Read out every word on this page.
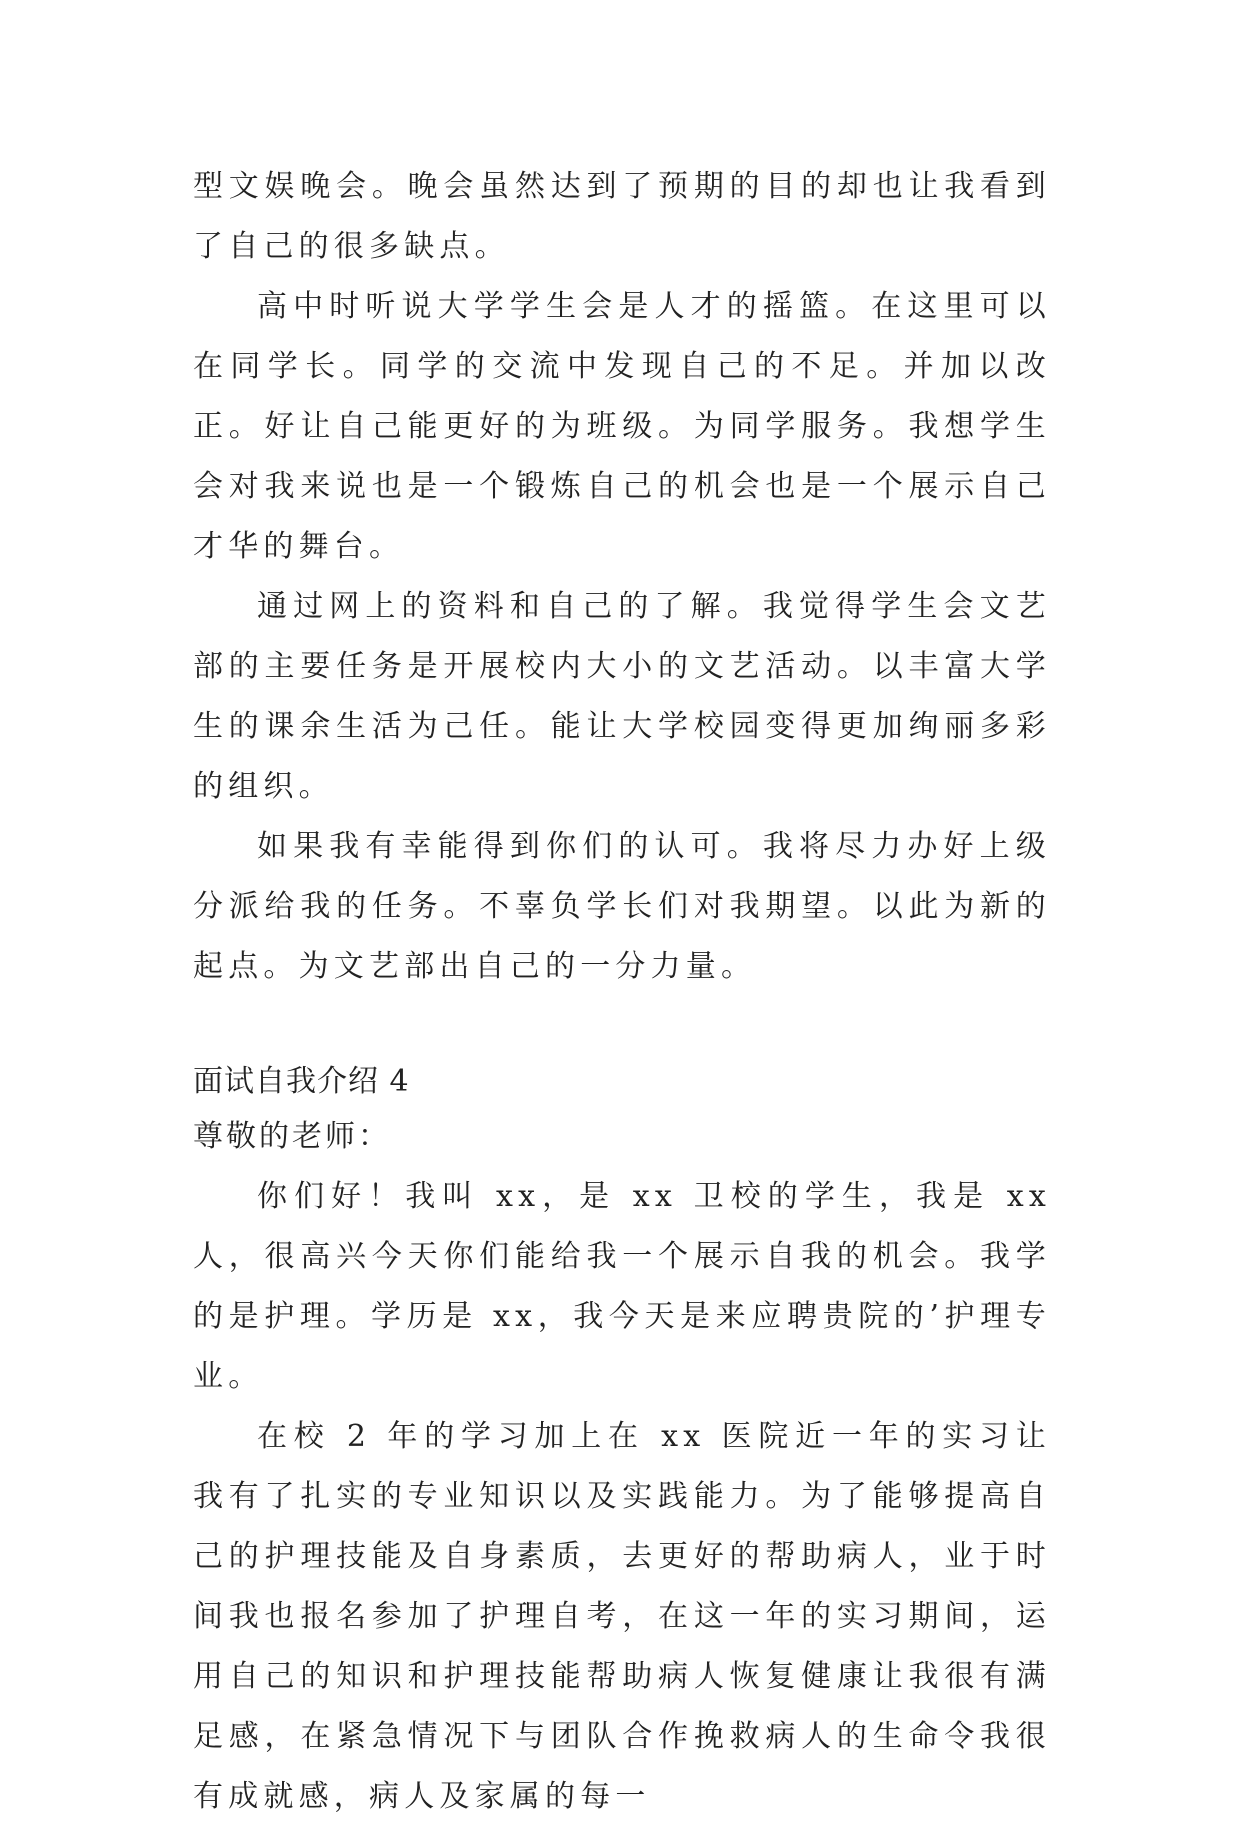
型文娱晚会。晚会虽然达到了预期的目的却也让我看到了自己的很多缺点。

高中时听说大学学生会是人才的摇篮。在这里可以在同学长。同学的交流中发现自己的不足。并加以改正。好让自己能更好的为班级。为同学服务。我想学生会对我来说也是一个锻炼自己的机会也是一个展示自己才华的舞台。

通过网上的资料和自己的了解。我觉得学生会文艺部的主要任务是开展校内大小的文艺活动。以丰富大学生的课余生活为己任。能让大学校园变得更加绚丽多彩的组织。

如果我有幸能得到你们的认可。我将尽力办好上级分派给我的任务。不辜负学长们对我期望。以此为新的起点。为文艺部出自己的一分力量。

面试自我介绍 4

尊敬的老师：

你们好！我叫 xx，是 xx 卫校的学生，我是 xx 人，很高兴今天你们能给我一个展示自我的机会。我学的是护理。学历是 xx，我今天是来应聘贵院的’护理专业。

在校 2 年的学习加上在 xx 医院近一年的实习让我有了扎实的专业知识以及实践能力。为了能够提高自己的护理技能及自身素质，去更好的帮助病人，业于时间我也报名参加了护理自考，在这一年的实习期间，运用自己的知识和护理技能帮助病人恢复健康让我很有满足感，在紧急情况下与团队合作挽救病人的生命令我很有成就感，病人及家属的每一
